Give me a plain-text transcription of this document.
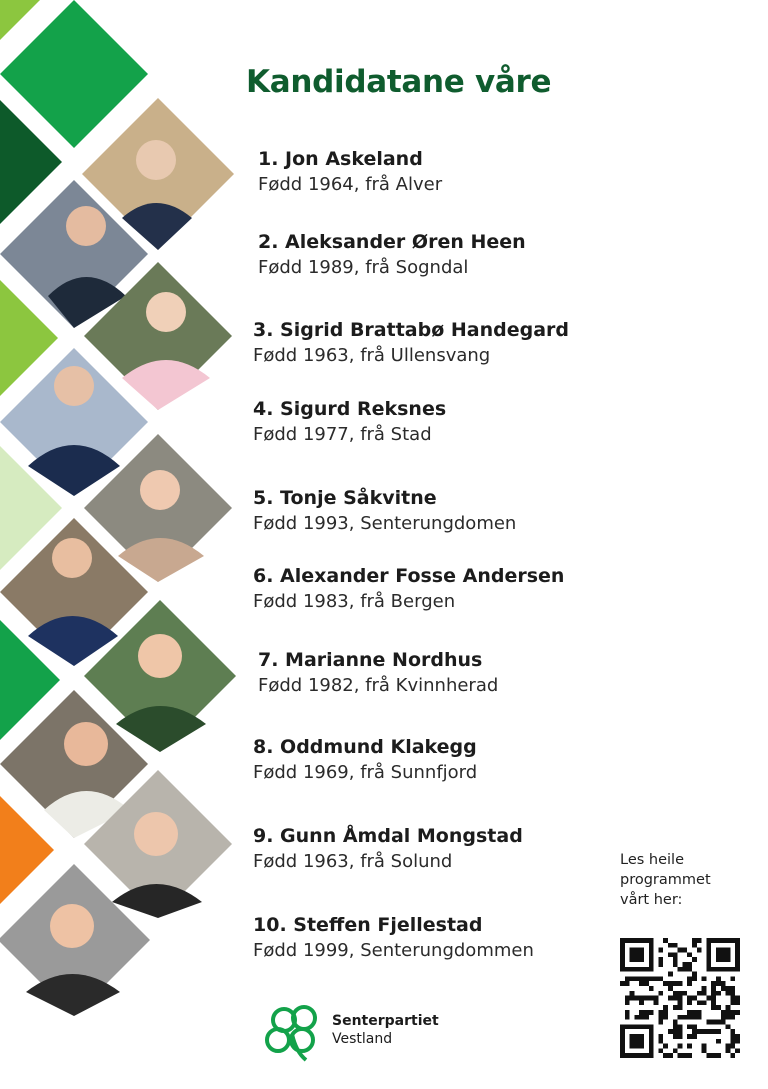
Kandidatane våre
1. Jon Askeland
Fødd 1964, frå Alver
2. Aleksander Øren Heen
Fødd 1989, frå Sogndal
3. Sigrid Brattabø Handegard
Fødd 1963, frå Ullensvang
4. Sigurd Reksnes
Fødd 1977, frå Stad
5. Tonje Såkvitne
Fødd 1993, Senterungdomen
6. Alexander Fosse Andersen
Fødd 1983, frå Bergen
7. Marianne Nordhus
Fødd 1982, frå Kvinnherad
8. Oddmund Klakegg
Fødd 1969, frå Sunnfjord
9. Gunn Åmdal Mongstad
Fødd 1963, frå Solund
10. Steffen Fjellestad
Fødd 1999, Senterungdommen
Les heile
programmet
vårt her:
Senterpartiet
Vestland
